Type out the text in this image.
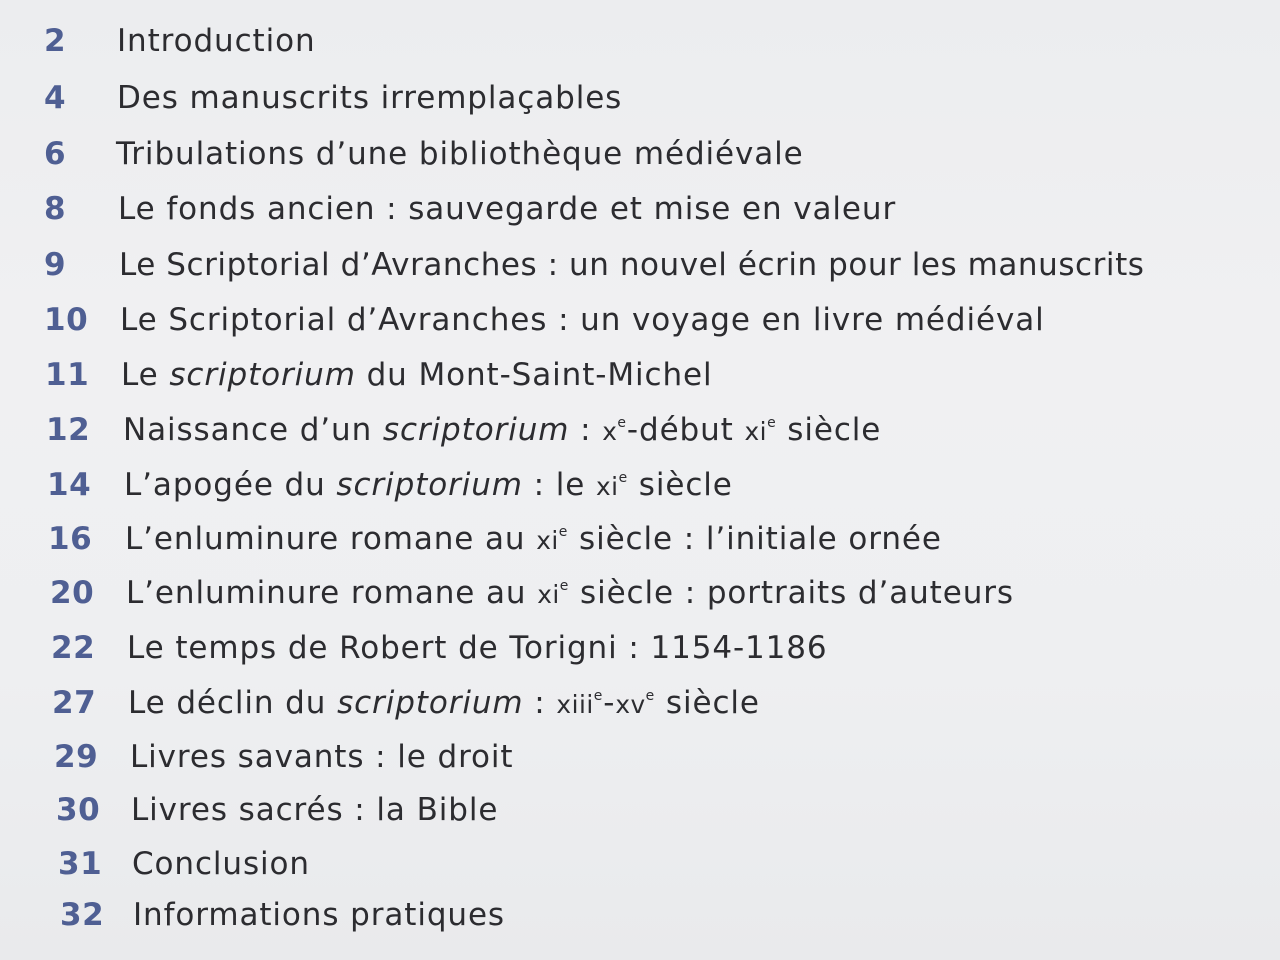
2 Introduction
4 Des manuscrits irremplaçables
6 Tribulations d’une bibliothèque médiévale
8 Le fonds ancien : sauvegarde et mise en valeur
9 Le Scriptorial d’Avranches : un nouvel écrin pour les manuscrits
10 Le Scriptorial d’Avranches : un voyage en livre médiéval
11 Le scriptorium du Mont-Saint-Michel
12 Naissance d’un scriptorium : $x^e$-début $xi^e$ siècle
14 L’apogée du scriptorium : le $xi^e$ siècle
16 L’enluminure romane au $xi^e$ siècle : l’initiale ornée
20 L’enluminure romane au $xi^e$ siècle : portraits d’auteurs
22 Le temps de Robert de Torigni : 1154-1186
27 Le déclin du scriptorium : $xiii^e-xv^e$ siècle
29 Livres savants : le droit
30 Livres sacrés : la Bible
31 Conclusion
32 Informations pratiques
